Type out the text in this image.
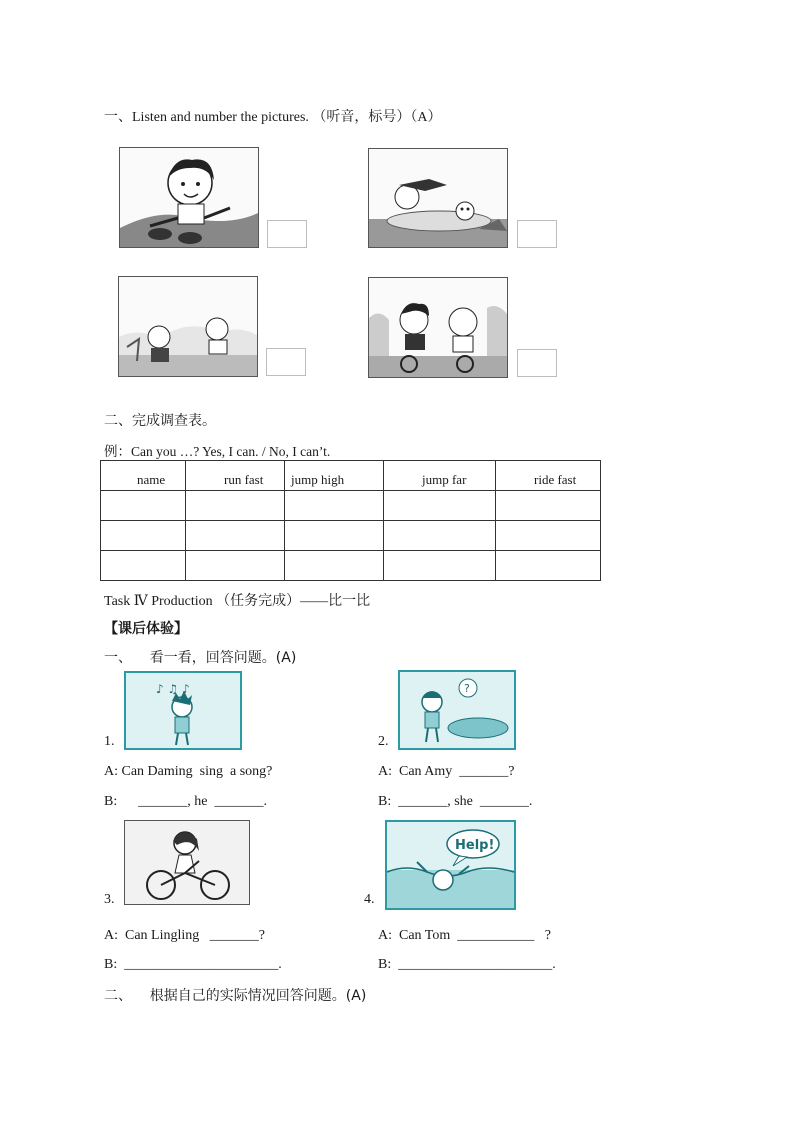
一、Listen and number the pictures. （听音，标号）（A）
二、完成调查表。
例：Can you …? Yes, I can. / No, I can’t.
name	run fast	jump high	jump far	ride fast

Task Ⅳ Production （任务完成）——比一比
【课后体验】
一、    看一看，回答问题。(A)
1.
♪ ♫ ♪
A: Can Daming  sing  a song?
B:      _______, he  _______.
2.
?
A:  Can Amy  _______?
B:  _______, she  _______.
3.
A:  Can Lingling   _______?
B:  ______________________.
4.
Help!
A:  Can Tom  ___________   ?
B:  ______________________.
二、    根据自己的实际情况回答问题。(A)
